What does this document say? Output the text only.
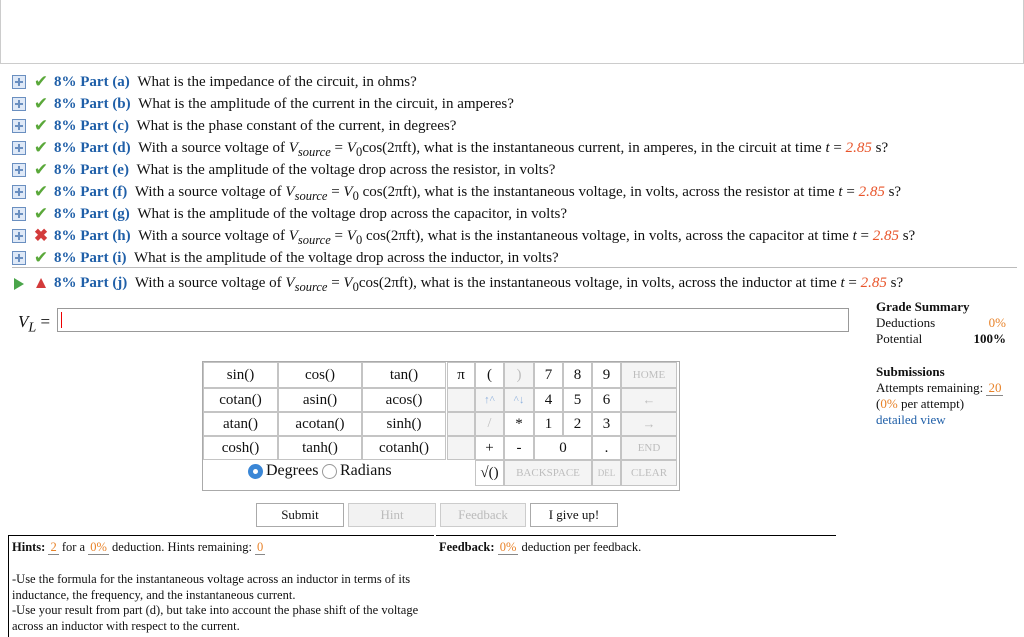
✔ 8% Part (a) What is the impedance of the circuit, in ohms?
✔ 8% Part (b) What is the amplitude of the current in the circuit, in amperes?
✔ 8% Part (c) What is the phase constant of the current, in degrees?
✔ 8% Part (d) With a source voltage of $V_{source} = V_0\cos(2\pi ft)$, what is the instantaneous current, in amperes, in the circuit at time t = 2.85 s?
✔ 8% Part (e) What is the amplitude of the voltage drop across the resistor, in volts?
✔ 8% Part (f) With a source voltage of $V_{source} = V_0$ cos(2πft), what is the instantaneous voltage, in volts, across the resistor at time t = 2.85 s?
✔ 8% Part (g) What is the amplitude of the voltage drop across the capacitor, in volts?
✖ 8% Part (h) With a source voltage of $V_{source} = V_0$ cos(2πft), what is the instantaneous voltage, in volts, across the capacitor at time t = 2.85 s?
✔ 8% Part (i) What is the amplitude of the voltage drop across the inductor, in volts?
▲ 8% Part (j) With a source voltage of $V_{source} = V_0\cos(2\pi ft)$, what is the instantaneous voltage, in volts, across the inductor at time t = 2.85 s?
$V_L$ =
Grade Summary
Deductions	0%
Potential	100%
Submissions
Attempts remaining: 20
(0% per attempt)
detailed view
sin()	cos()	tan()
cotan()	asin()	acos()
atan()	acotan()	sinh()
cosh()	tanh()	cotanh()
Degrees Radians
π	(	)
↑^	^↓
/	*
+	-
√()	BACKSPACE
7	8	9
4	5	6
1	2	3
0	.
HOME
←
→
END
DEL	CLEAR
Submit	Hint	Feedback	I give up!
Hints: 2 for a 0% deduction. Hints remaining: 0
-Use the formula for the instantaneous voltage across an inductor in terms of its inductance, the frequency, and the instantaneous current.
-Use your result from part (d), but take into account the phase shift of the voltage across an inductor with respect to the current.
Feedback: 0% deduction per feedback.
